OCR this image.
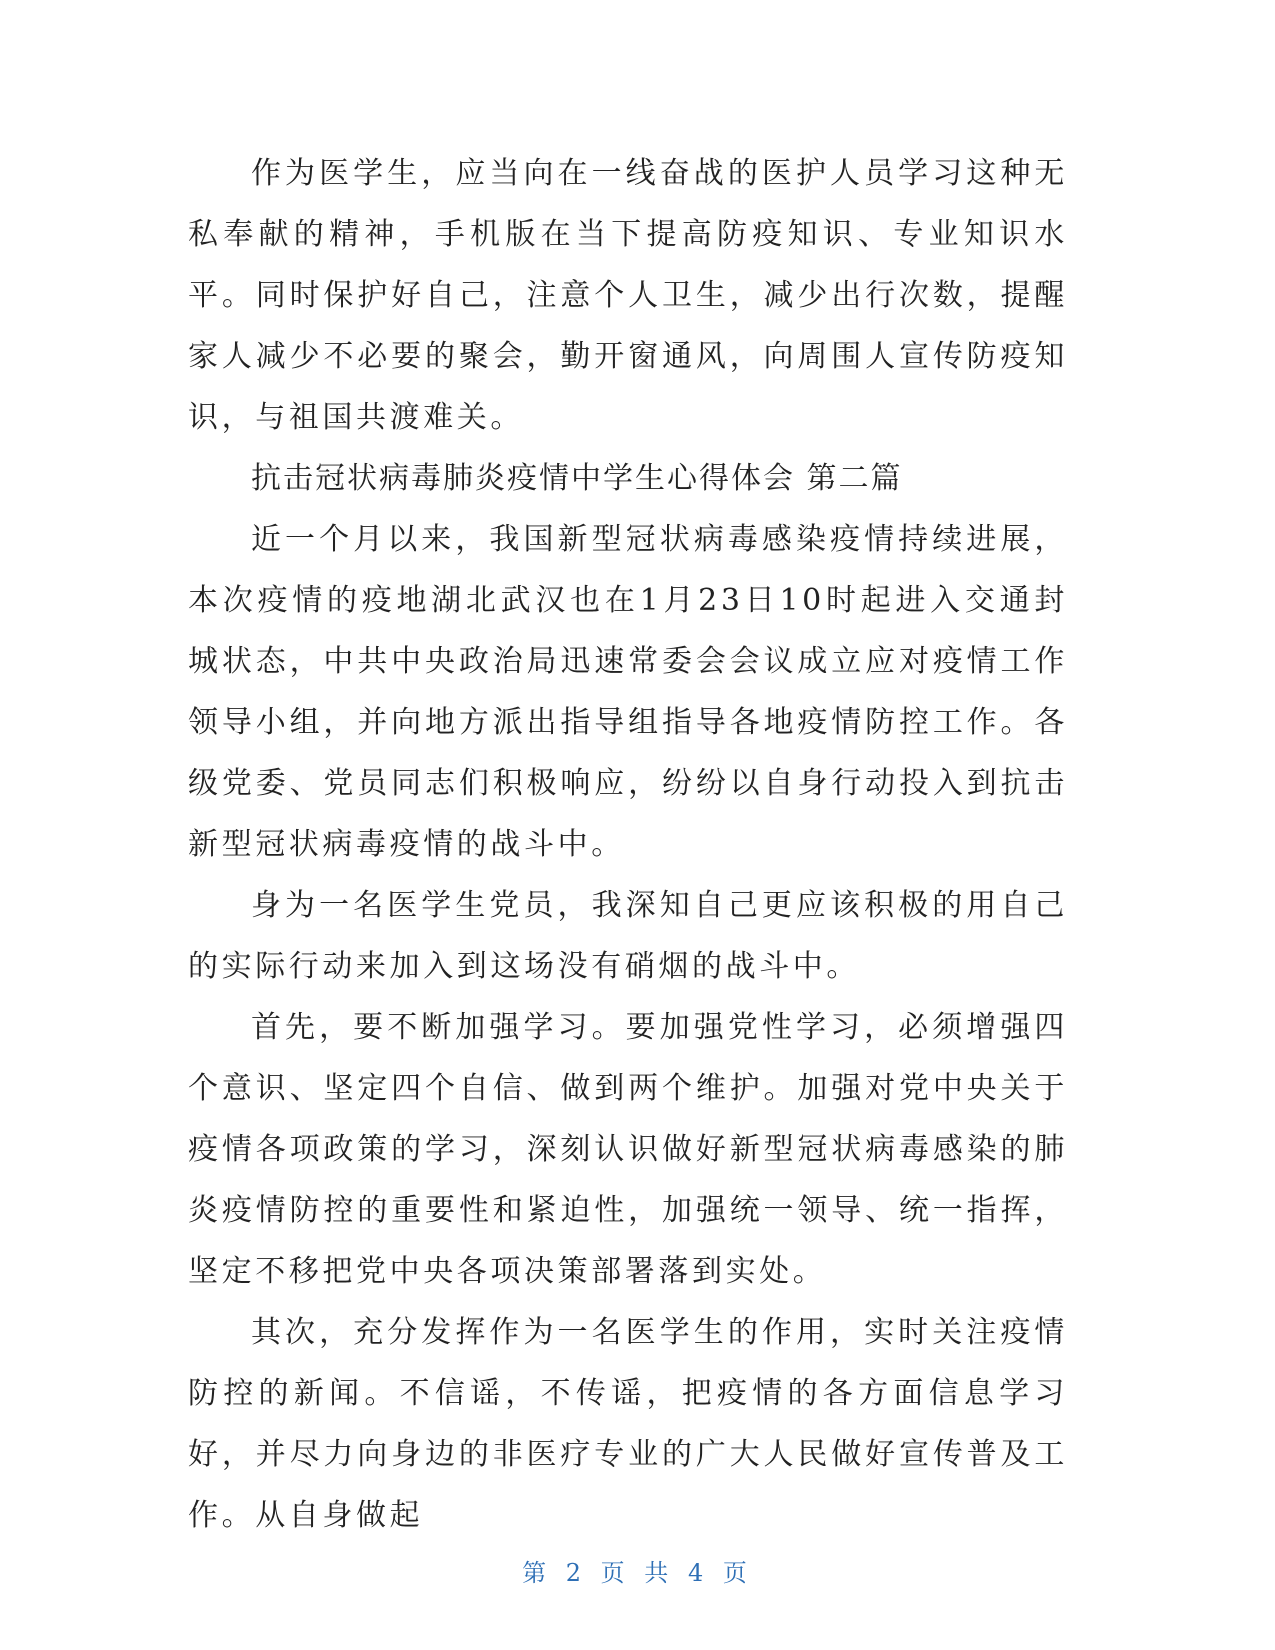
作为医学生，应当向在一线奋战的医护人员学习这种无私奉献的精神，手机版在当下提高防疫知识、专业知识水平。同时保护好自己，注意个人卫生，减少出行次数，提醒家人减少不必要的聚会，勤开窗通风，向周围人宣传防疫知识，与祖国共渡难关。

抗击冠状病毒肺炎疫情中学生心得体会 第二篇

近一个月以来，我国新型冠状病毒感染疫情持续进展，本次疫情的疫地湖北武汉也在1月23日10时起进入交通封城状态，中共中央政治局迅速常委会会议成立应对疫情工作领导小组，并向地方派出指导组指导各地疫情防控工作。各级党委、党员同志们积极响应，纷纷以自身行动投入到抗击新型冠状病毒疫情的战斗中。

身为一名医学生党员，我深知自己更应该积极的用自己的实际行动来加入到这场没有硝烟的战斗中。

首先，要不断加强学习。要加强党性学习，必须增强四个意识、坚定四个自信、做到两个维护。加强对党中央关于疫情各项政策的学习，深刻认识做好新型冠状病毒感染的肺炎疫情防控的重要性和紧迫性，加强统一领导、统一指挥，坚定不移把党中央各项决策部署落到实处。

其次，充分发挥作为一名医学生的作用，实时关注疫情防控的新闻。不信谣，不传谣，把疫情的各方面信息学习好，并尽力向身边的非医疗专业的广大人民做好宣传普及工作。从自身做起

第 2 页 共 4 页
